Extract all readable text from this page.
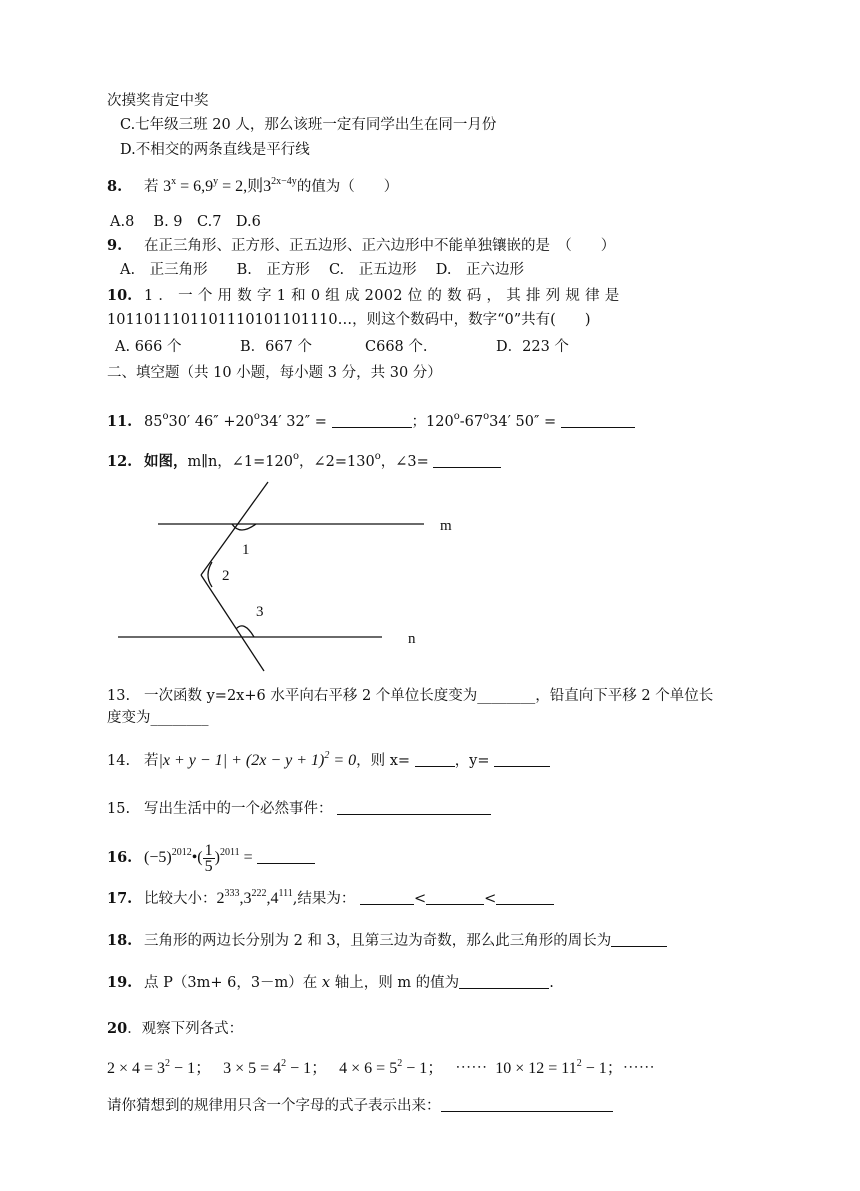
次摸奖肯定中奖
C.七年级三班 20 人，那么该班一定有同学出生在同一月份
D.不相交的两条直线是平行线
8. 若 $3^x = 6,9^y = 2$,则$3^{2x-4y}$的值为（　　）
A.8　 B. 9　C.7　D.6
9. 在正三角形、正方形、正五边形、正六边形中不能单独镶嵌的是　（　　）
A.　正三角形　　B.　正方形　 C.　正五边形　 D.　正六边形
10. 1 ． 一 个 用 数 字 1 和 0 组 成 2002 位 的 数 码 ， 其 排 列 规 律 是
1011011101101110101101110…，则这个数码中，数字“0”共有(　　)
A. 666 个	B．667 个	C668 个.	D．223 个
二、填空题（共 10 小题，每小题 3 分，共 30 分）
11. 85$^o$30′ $46'' +20^o34'$ 32″ =	；120$^o$-67$^o$34′ 50″ =
12. 如图，m∥n，$\angle 1=120^o$，$\angle 2=130^o$，∠3=
m
n
1
2
3
13. 一次函数 y=2x+6 水平向右平移 2 个单位长度变为________，铅直向下平移 2 个单位长
度变为________
14. 若$|x + y - 1| + (2x - y + 1)^2 = 0$，则 x=	，y=
15. 写出生活中的一个必然事件：
16. $(-5)^{2012}•( \frac{1}{5} )^{2011}$ =
17. 比较大小：$2^{333},3^{222},4^{111}$,结果为：	<	<
18. 三角形的两边长分别为 2 和 3，且第三边为奇数，那么此三角形的周长为
19. 点 P（3m+ 6，3－m）在 x 轴上，则 m 的值为	.
20．观察下列各式：
$2 \times 4 = 3^2 - 1$； $3 \times 5 = 4^2 - 1$； $4 \times 6 = 5^2 - 1$； ⋯⋯ $10 \times 12 = 11^2 - 1$；⋯⋯
请你猜想到的规律用只含一个字母的式子表示出来：
